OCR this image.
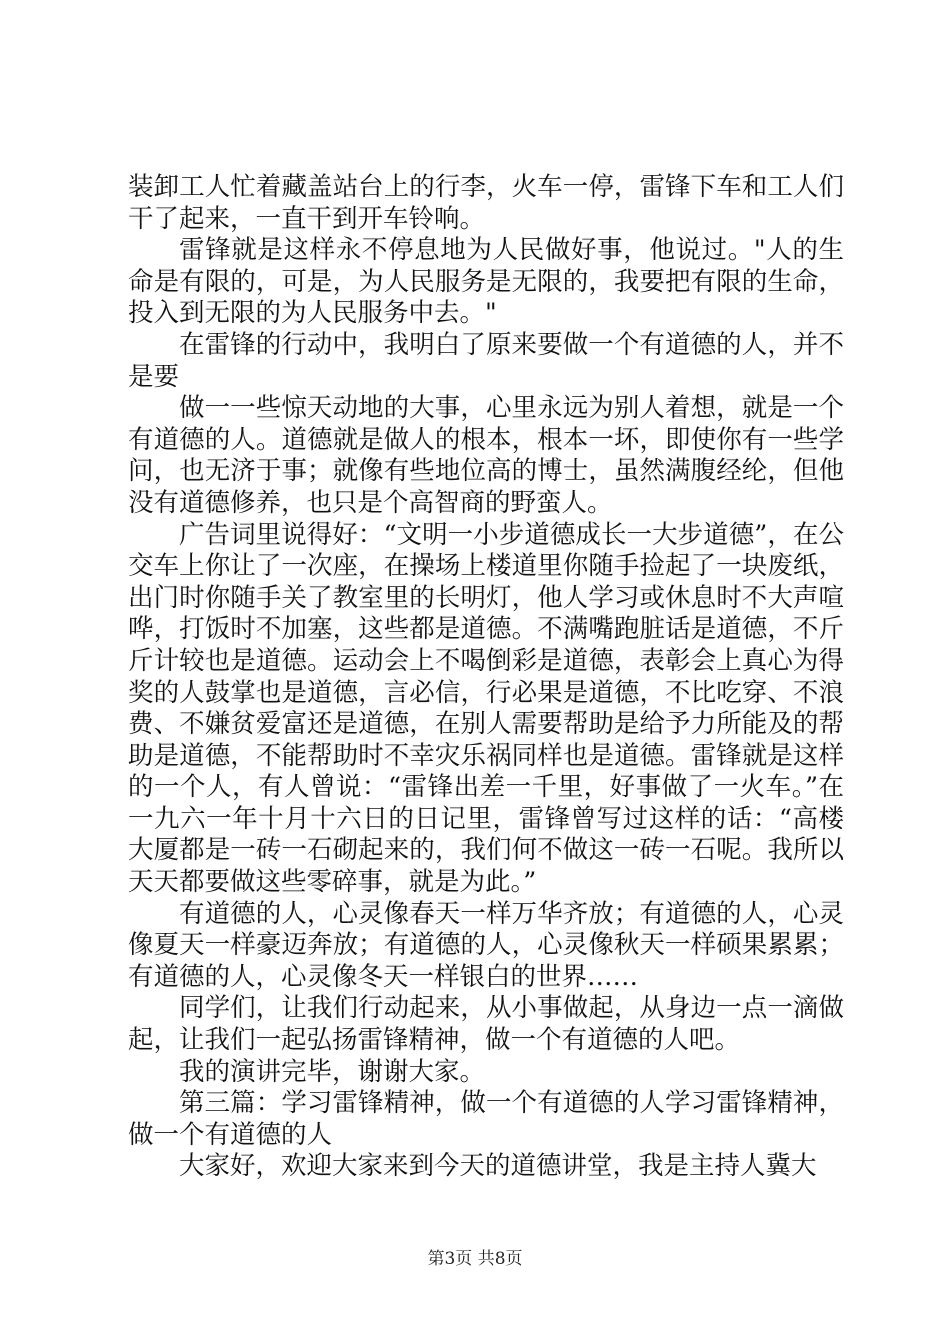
装卸工人忙着藏盖站台上的行李，火车一停，雷锋下车和工人们干了起来，一直干到开车铃响。

雷锋就是这样永不停息地为人民做好事，他说过。"人的生命是有限的，可是，为人民服务是无限的，我要把有限的生命，投入到无限的为人民服务中去。"

在雷锋的行动中，我明白了原来要做一个有道德的人，并不是要

做一一些惊天动地的大事，心里永远为别人着想，就是一个有道德的人。道德就是做人的根本，根本一坏，即使你有一些学问，也无济于事；就像有些地位高的博士，虽然满腹经纶，但他没有道德修养，也只是个高智商的野蛮人。

广告词里说得好：“文明一小步道德成长一大步道德”，在公交车上你让了一次座，在操场上楼道里你随手捡起了一块废纸，出门时你随手关了教室里的长明灯，他人学习或休息时不大声喧哗，打饭时不加塞，这些都是道德。不满嘴跑脏话是道德，不斤斤计较也是道德。运动会上不喝倒彩是道德，表彰会上真心为得奖的人鼓掌也是道德，言必信，行必果是道德，不比吃穿、不浪费、不嫌贫爱富还是道德，在别人需要帮助是给予力所能及的帮助是道德，不能帮助时不幸灾乐祸同样也是道德。雷锋就是这样的一个人，有人曾说：“雷锋出差一千里，好事做了一火车。”在一九六一年十月十六日的日记里，雷锋曾写过这样的话：“高楼大厦都是一砖一石砌起来的，我们何不做这一砖一石呢。我所以天天都要做这些零碎事，就是为此。”

有道德的人，心灵像春天一样万华齐放；有道德的人，心灵像夏天一样豪迈奔放；有道德的人，心灵像秋天一样硕果累累；有道德的人，心灵像冬天一样银白的世界……

同学们，让我们行动起来，从小事做起，从身边一点一滴做起，让我们一起弘扬雷锋精神，做一个有道德的人吧。

我的演讲完毕，谢谢大家。

第三篇：学习雷锋精神，做一个有道德的人学习雷锋精神，做一个有道德的人

大家好，欢迎大家来到今天的道德讲堂，我是主持人冀大

第3页 共8页
